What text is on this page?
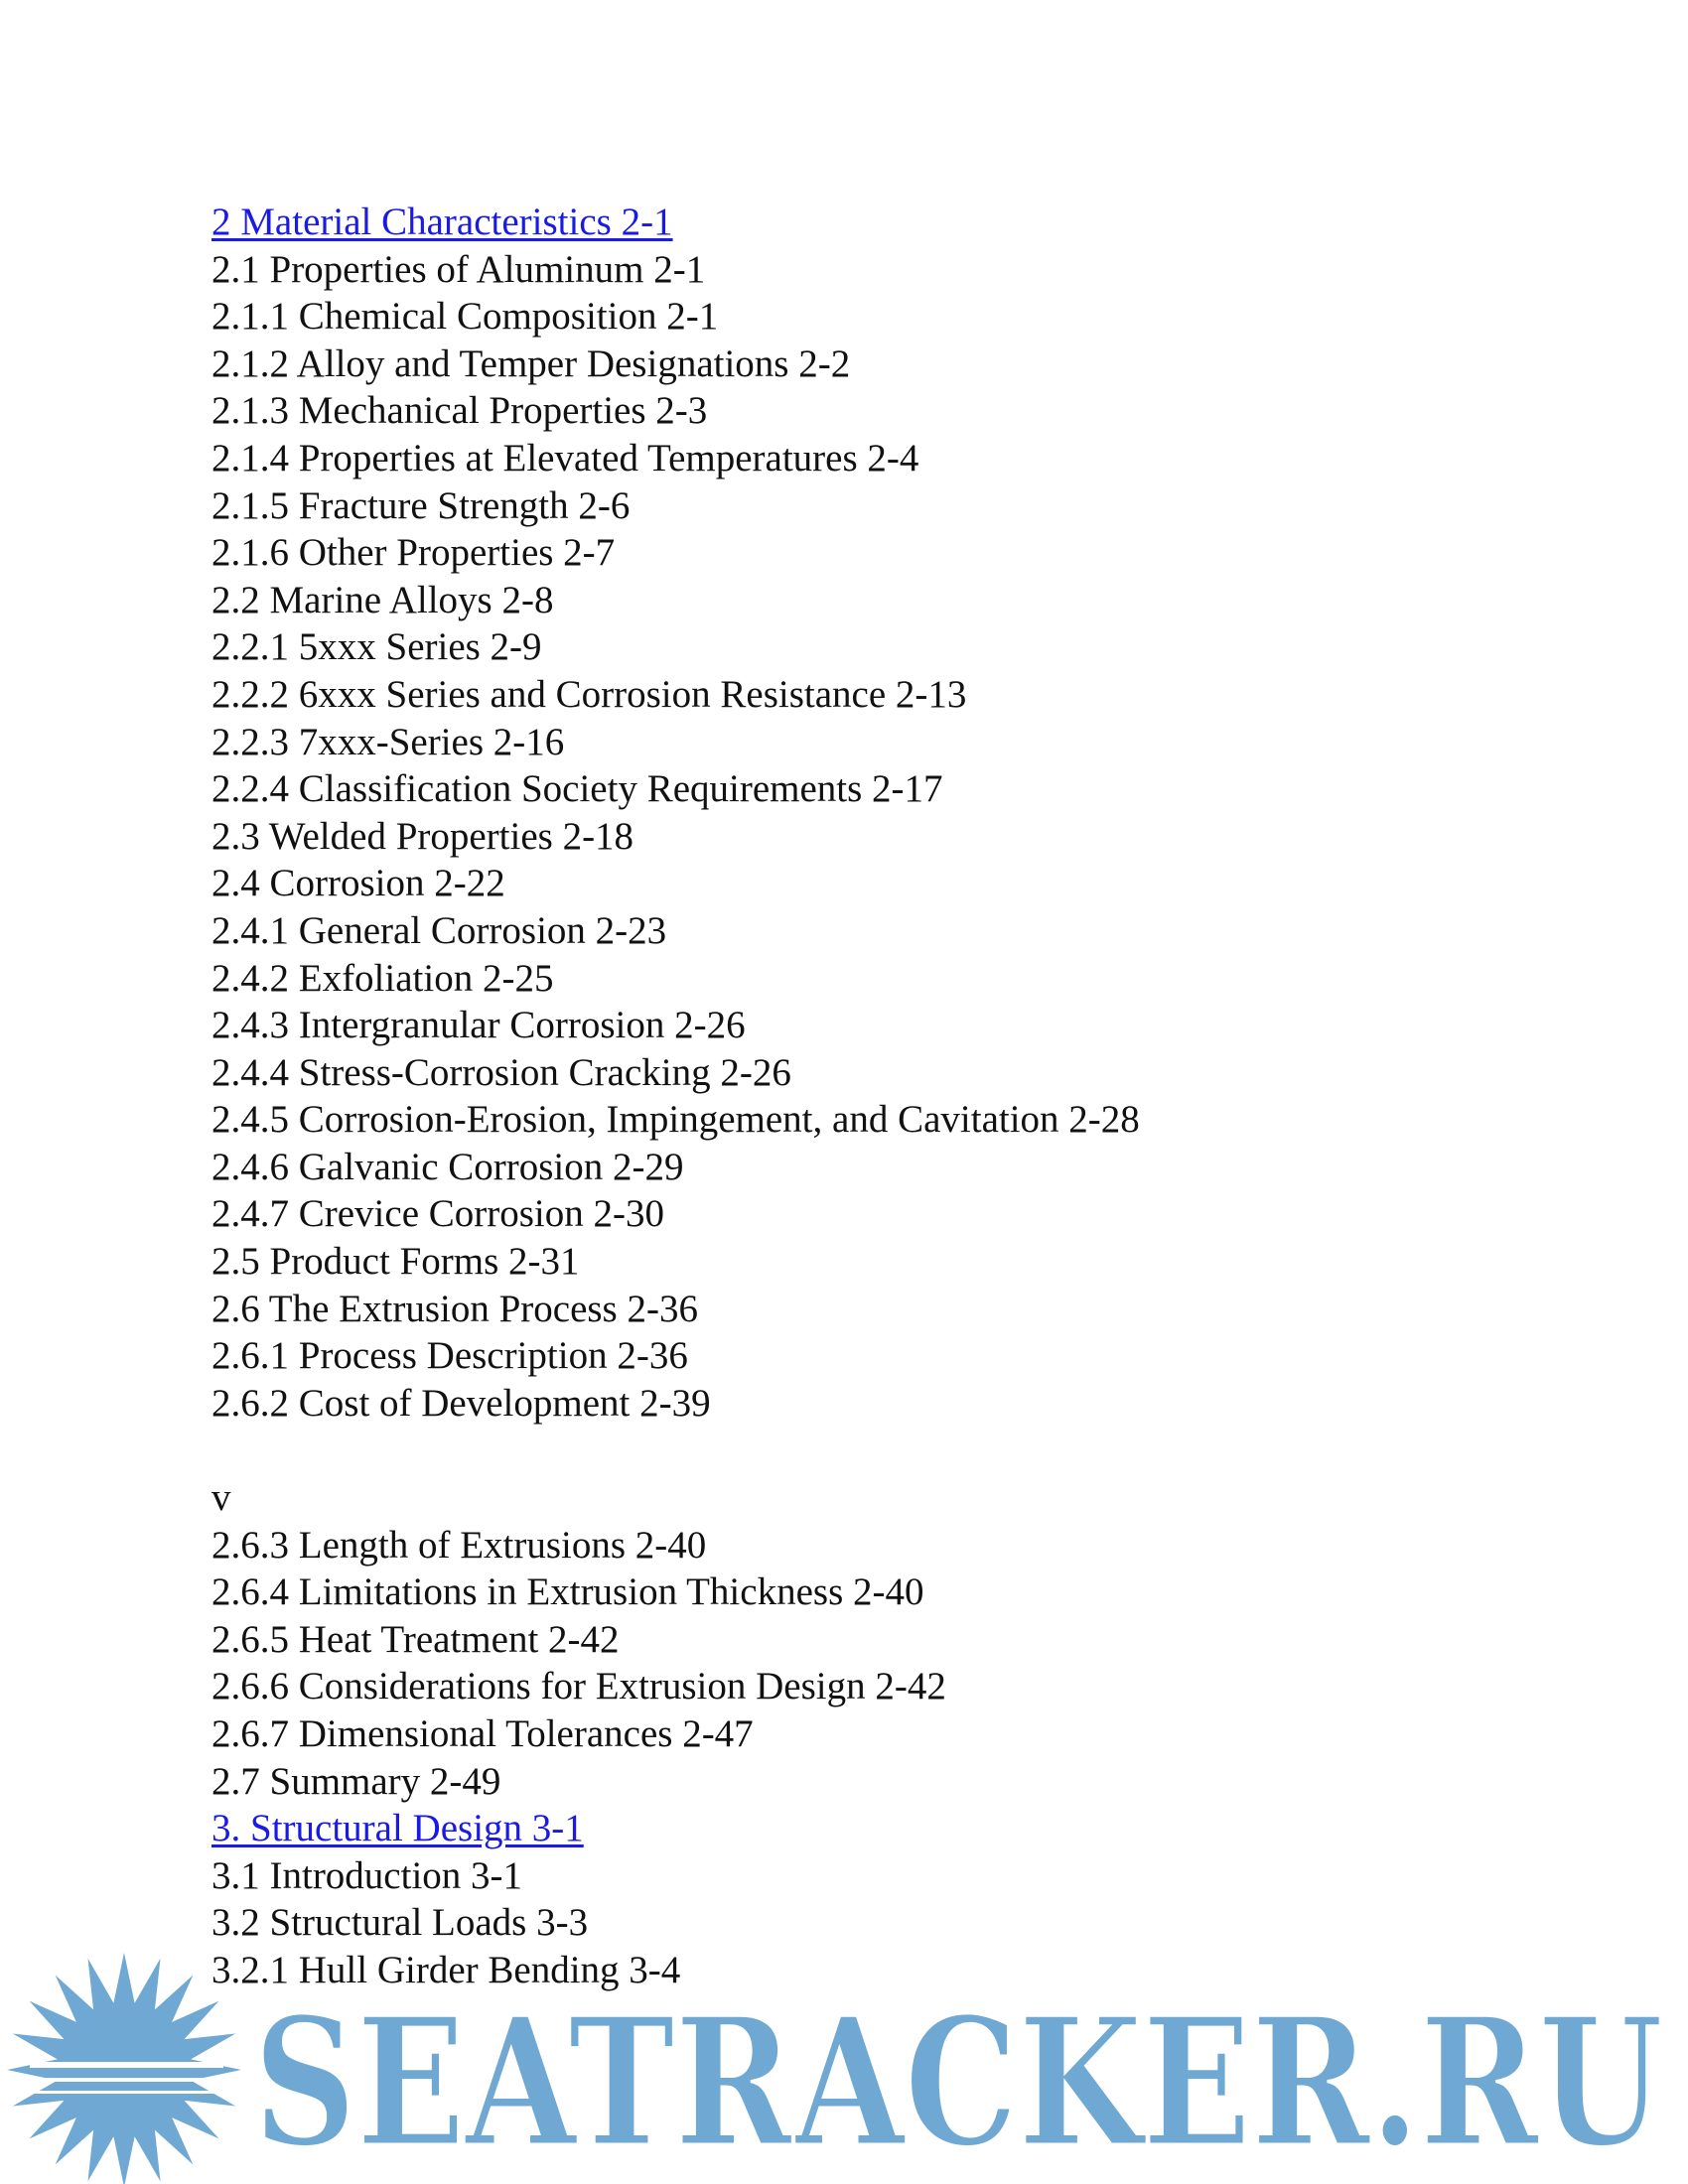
2 Material Characteristics 2-1
2.1 Properties of Aluminum 2-1
2.1.1 Chemical Composition 2-1
2.1.2 Alloy and Temper Designations 2-2
2.1.3 Mechanical Properties 2-3
2.1.4 Properties at Elevated Temperatures 2-4
2.1.5 Fracture Strength 2-6
2.1.6 Other Properties 2-7
2.2 Marine Alloys 2-8
2.2.1 5xxx Series 2-9
2.2.2 6xxx Series and Corrosion Resistance 2-13
2.2.3 7xxx-Series 2-16
2.2.4 Classification Society Requirements 2-17
2.3 Welded Properties 2-18
2.4 Corrosion 2-22
2.4.1 General Corrosion 2-23
2.4.2 Exfoliation 2-25
2.4.3 Intergranular Corrosion 2-26
2.4.4 Stress-Corrosion Cracking 2-26
2.4.5 Corrosion-Erosion, Impingement, and Cavitation 2-28
2.4.6 Galvanic Corrosion 2-29
2.4.7 Crevice Corrosion 2-30
2.5 Product Forms 2-31
2.6 The Extrusion Process 2-36
2.6.1 Process Description 2-36
2.6.2 Cost of Development 2-39
v
2.6.3 Length of Extrusions 2-40
2.6.4 Limitations in Extrusion Thickness 2-40
2.6.5 Heat Treatment 2-42
2.6.6 Considerations for Extrusion Design 2-42
2.6.7 Dimensional Tolerances 2-47
2.7 Summary 2-49
3. Structural Design 3-1
3.1 Introduction 3-1
3.2 Structural Loads 3-3
3.2.1 Hull Girder Bending 3-4
SEATRACKER.RU
